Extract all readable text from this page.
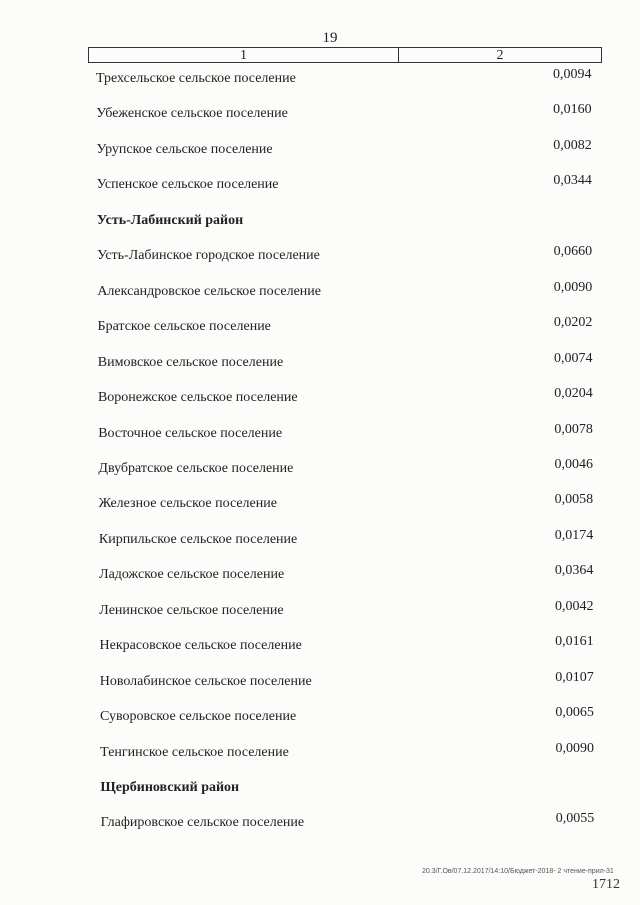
19
1	2
Трехсельское сельское поселение	0,0094
Убеженское сельское поселение	0,0160
Урупское сельское поселение	0,0082
Успенское сельское поселение	0,0344
Усть-Лабинский район
Усть-Лабинское городское поселение	0,0660
Александровское сельское поселение	0,0090
Братское сельское поселение	0,0202
Вимовское сельское поселение	0,0074
Воронежское сельское поселение	0,0204
Восточное сельское поселение	0,0078
Двубратское сельское поселение	0,0046
Железное сельское поселение	0,0058
Кирпильское сельское поселение	0,0174
Ладожское сельское поселение	0,0364
Ленинское сельское поселение	0,0042
Некрасовское сельское поселение	0,0161
Новолабинское сельское поселение	0,0107
Суворовское сельское поселение	0,0065
Тенгинское сельское поселение	0,0090
Щербиновский район
Глафировское сельское поселение	0,0055
20.3/Г.Ов/07.12.2017/14:10/Бюджет-2018- 2 чтение-прил-31
1712
